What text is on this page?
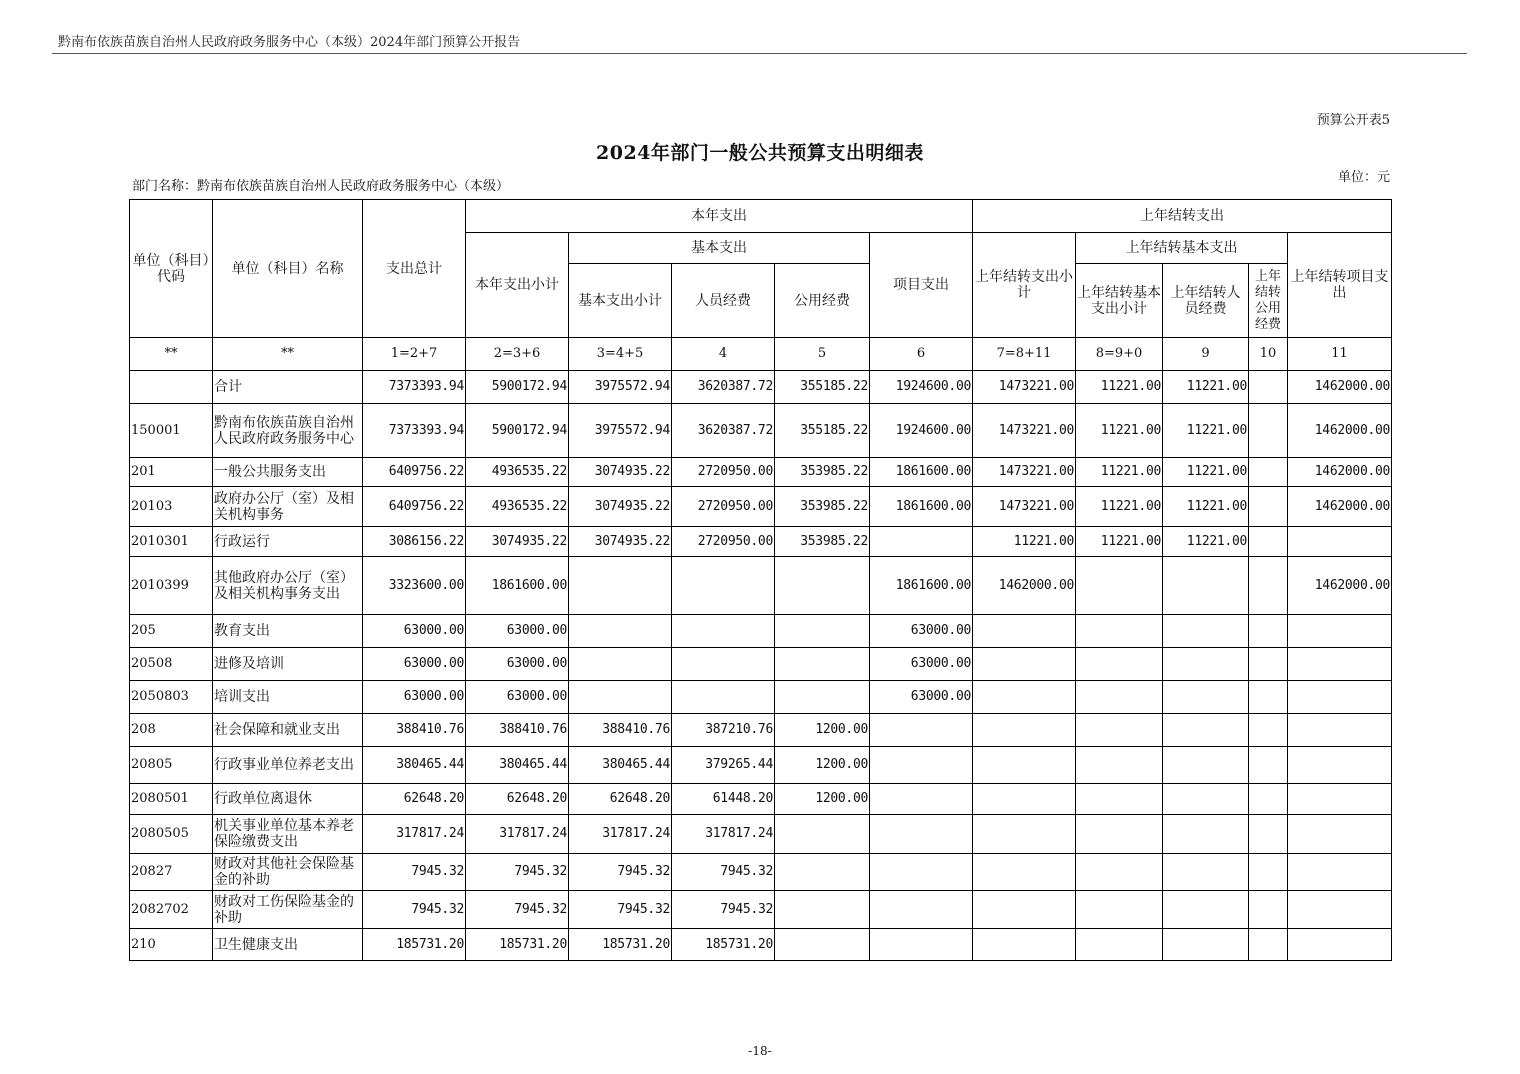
黔南布依族苗族自治州人民政府政务服务中心（本级）2024年部门预算公开报告
预算公开表5
2024年部门一般公共预算支出明细表
部门名称：黔南布依族苗族自治州人民政府政务服务中心（本级）
单位：元
单位（科目）代码	单位（科目）名称	支出总计	本年支出					上年结转支出				
			本年支出小计	基本支出			项目支出	上年结转支出小计	上年结转基本支出			上年结转项目支出
				基本支出小计	人员经费	公用经费			上年结转基本支出小计	上年结转人员经费	上年结转公用经费	
**	**	1=2+7	2=3+6	3=4+5	4	5	6	7=8+11	8=9+0	9	10	11
	合计	7373393.94	5900172.94	3975572.94	3620387.72	355185.22	1924600.00	1473221.00	11221.00	11221.00		1462000.00
150001	黔南布依族苗族自治州人民政府政务服务中心	7373393.94	5900172.94	3975572.94	3620387.72	355185.22	1924600.00	1473221.00	11221.00	11221.00		1462000.00
201	一般公共服务支出	6409756.22	4936535.22	3074935.22	2720950.00	353985.22	1861600.00	1473221.00	11221.00	11221.00		1462000.00
20103	政府办公厅（室）及相关机构事务	6409756.22	4936535.22	3074935.22	2720950.00	353985.22	1861600.00	1473221.00	11221.00	11221.00		1462000.00
2010301	行政运行	3086156.22	3074935.22	3074935.22	2720950.00	353985.22		11221.00	11221.00	11221.00		
2010399	其他政府办公厅（室）及相关机构事务支出	3323600.00	1861600.00				1861600.00	1462000.00				1462000.00
205	教育支出	63000.00	63000.00				63000.00					
20508	进修及培训	63000.00	63000.00				63000.00					
2050803	培训支出	63000.00	63000.00				63000.00					
208	社会保障和就业支出	388410.76	388410.76	388410.76	387210.76	1200.00						
20805	行政事业单位养老支出	380465.44	380465.44	380465.44	379265.44	1200.00						
2080501	行政单位离退休	62648.20	62648.20	62648.20	61448.20	1200.00						
2080505	机关事业单位基本养老保险缴费支出	317817.24	317817.24	317817.24	317817.24							
20827	财政对其他社会保险基金的补助	7945.32	7945.32	7945.32	7945.32							
2082702	财政对工伤保险基金的补助	7945.32	7945.32	7945.32	7945.32							
210	卫生健康支出	185731.20	185731.20	185731.20	185731.20							
-18-
